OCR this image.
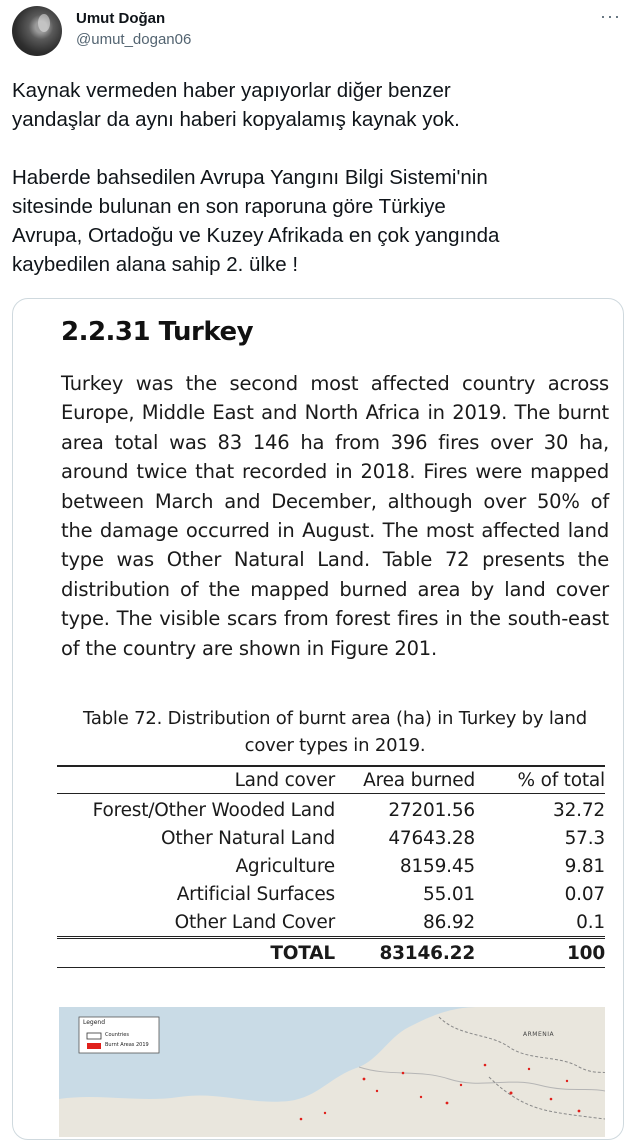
Umut Doğan
@umut_dogan06
···

Kaynak vermeden haber yapıyorlar diğer benzer
yandaşlar da aynı haberi kopyalamış kaynak yok.

Haberde bahsedilen Avrupa Yangını Bilgi Sistemi'nin
sitesinde bulunan en son raporuna göre Türkiye
Avrupa, Ortadoğu ve Kuzey Afrikada en çok yangında
kaybedilen alana sahip 2. ülke !

2.2.31 Turkey
Turkey was the second most affected country across Europe, Middle East and North Africa in 2019. The burnt area total was 83 146 ha from 396 fires over 30 ha, around twice that recorded in 2018. Fires were mapped between March and December, although over 50% of the damage occurred in August. The most affected land type was Other Natural Land. Table 72 presents the distribution of the mapped burned area by land cover type. The visible scars from forest fires in the south-east of the country are shown in Figure 201.
Table 72. Distribution of burnt area (ha) in Turkey by land cover types in 2019.
Land cover	Area burned	% of total
Forest/Other Wooded Land	27201.56	32.72
Other Natural Land	47643.28	57.3
Agriculture	8159.45	9.81
Artificial Surfaces	55.01	0.07
Other Land Cover	86.92	0.1
TOTAL	83146.22	100
Legend
Countries
Burnt Areas 2019
ARMENIA
